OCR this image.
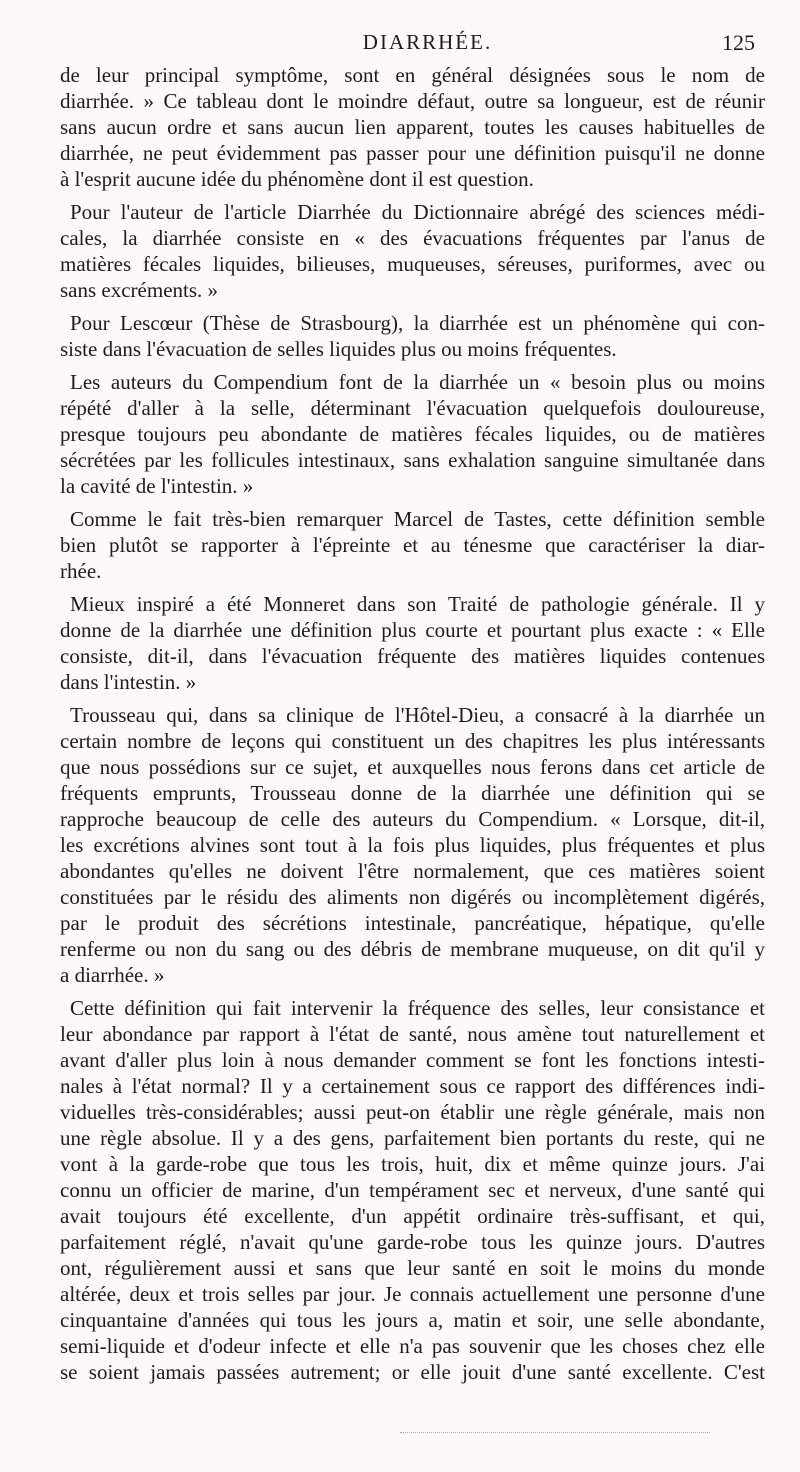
DIARRHÉE.	125
de leur principal symptôme, sont en général désignées sous le nom de
diarrhée. » Ce tableau dont le moindre défaut, outre sa longueur, est de réunir
sans aucun ordre et sans aucun lien apparent, toutes les causes habituelles de
diarrhée, ne peut évidemment pas passer pour une définition puisqu'il ne donne
à l'esprit aucune idée du phénomène dont il est question.
Pour l'auteur de l'article Diarrhée du Dictionnaire abrégé des sciences médi-
cales, la diarrhée consiste en « des évacuations fréquentes par l'anus de
matières fécales liquides, bilieuses, muqueuses, séreuses, puriformes, avec ou
sans excréments. »
Pour Lescœur (Thèse de Strasbourg), la diarrhée est un phénomène qui con-
siste dans l'évacuation de selles liquides plus ou moins fréquentes.
Les auteurs du Compendium font de la diarrhée un « besoin plus ou moins
répété d'aller à la selle, déterminant l'évacuation quelquefois douloureuse,
presque toujours peu abondante de matières fécales liquides, ou de matières
sécrétées par les follicules intestinaux, sans exhalation sanguine simultanée dans
la cavité de l'intestin. »
Comme le fait très-bien remarquer Marcel de Tastes, cette définition semble
bien plutôt se rapporter à l'épreinte et au ténesme que caractériser la diar-
rhée.
Mieux inspiré a été Monneret dans son Traité de pathologie générale. Il y
donne de la diarrhée une définition plus courte et pourtant plus exacte : « Elle
consiste, dit-il, dans l'évacuation fréquente des matières liquides contenues
dans l'intestin. »
Trousseau qui, dans sa clinique de l'Hôtel-Dieu, a consacré à la diarrhée un
certain nombre de leçons qui constituent un des chapitres les plus intéressants
que nous possédions sur ce sujet, et auxquelles nous ferons dans cet article de
fréquents emprunts, Trousseau donne de la diarrhée une définition qui se
rapproche beaucoup de celle des auteurs du Compendium. « Lorsque, dit-il,
les excrétions alvines sont tout à la fois plus liquides, plus fréquentes et plus
abondantes qu'elles ne doivent l'être normalement, que ces matières soient
constituées par le résidu des aliments non digérés ou incomplètement digérés,
par le produit des sécrétions intestinale, pancréatique, hépatique, qu'elle
renferme ou non du sang ou des débris de membrane muqueuse, on dit qu'il y
a diarrhée. »
Cette définition qui fait intervenir la fréquence des selles, leur consistance et
leur abondance par rapport à l'état de santé, nous amène tout naturellement et
avant d'aller plus loin à nous demander comment se font les fonctions intesti-
nales à l'état normal? Il y a certainement sous ce rapport des différences indi-
viduelles très-considérables; aussi peut-on établir une règle générale, mais non
une règle absolue. Il y a des gens, parfaitement bien portants du reste, qui ne
vont à la garde-robe que tous les trois, huit, dix et même quinze jours. J'ai
connu un officier de marine, d'un tempérament sec et nerveux, d'une santé qui
avait toujours été excellente, d'un appétit ordinaire très-suffisant, et qui,
parfaitement réglé, n'avait qu'une garde-robe tous les quinze jours. D'autres
ont, régulièrement aussi et sans que leur santé en soit le moins du monde
altérée, deux et trois selles par jour. Je connais actuellement une personne d'une
cinquantaine d'années qui tous les jours a, matin et soir, une selle abondante,
semi-liquide et d'odeur infecte et elle n'a pas souvenir que les choses chez elle
se soient jamais passées autrement; or elle jouit d'une santé excellente. C'est
